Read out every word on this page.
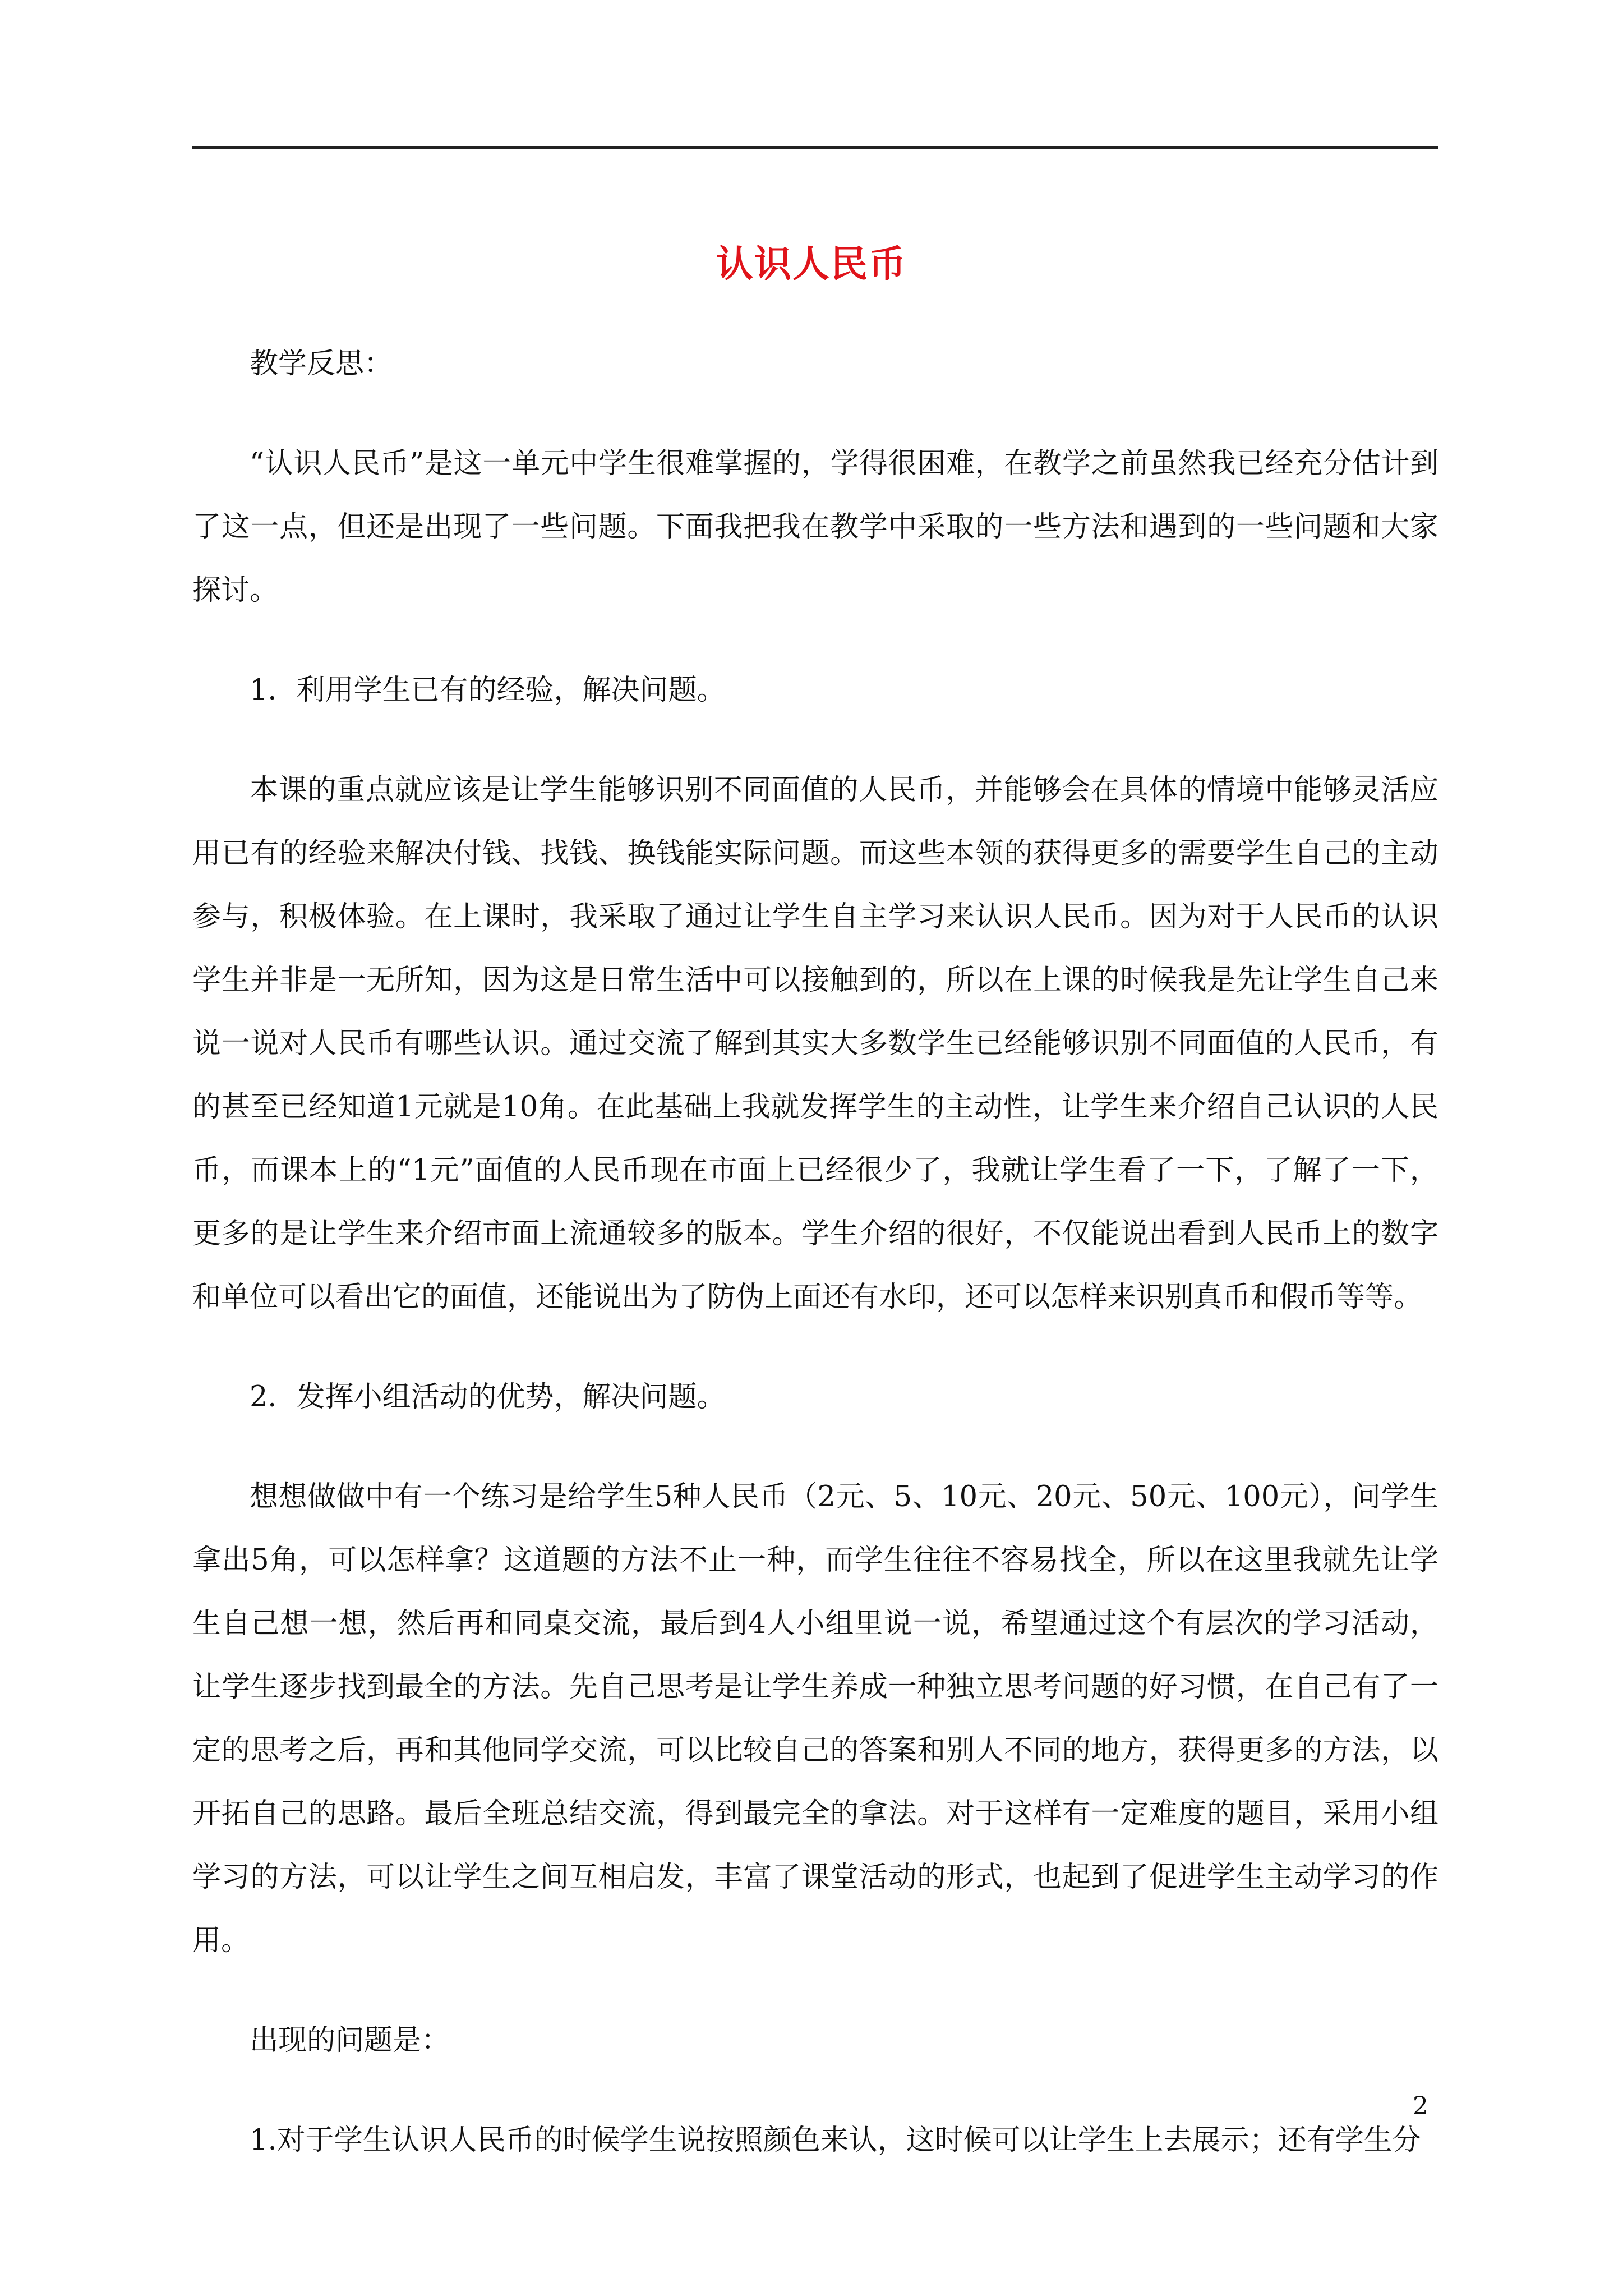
认识人民币

教学反思：

“认识人民币”是这一单元中学生很难掌握的，学得很困难，在教学之前虽然我已经充分估计到了这一点，但还是出现了一些问题。下面我把我在教学中采取的一些方法和遇到的一些问题和大家探讨。

1．利用学生已有的经验，解决问题。

本课的重点就应该是让学生能够识别不同面值的人民币，并能够会在具体的情境中能够灵活应用已有的经验来解决付钱、找钱、换钱能实际问题。而这些本领的获得更多的需要学生自己的主动参与，积极体验。在上课时，我采取了通过让学生自主学习来认识人民币。因为对于人民币的认识学生并非是一无所知，因为这是日常生活中可以接触到的，所以在上课的时候我是先让学生自己来说一说对人民币有哪些认识。通过交流了解到其实大多数学生已经能够识别不同面值的人民币，有的甚至已经知道1元就是10角。在此基础上我就发挥学生的主动性，让学生来介绍自己认识的人民币，而课本上的“1元”面值的人民币现在市面上已经很少了，我就让学生看了一下，了解了一下，更多的是让学生来介绍市面上流通较多的版本。学生介绍的很好，不仅能说出看到人民币上的数字和单位可以看出它的面值，还能说出为了防伪上面还有水印，还可以怎样来识别真币和假币等等。

2．发挥小组活动的优势，解决问题。

想想做做中有一个练习是给学生5种人民币（2元、5、10元、20元、50元、100元），问学生拿出5角，可以怎样拿？这道题的方法不止一种，而学生往往不容易找全，所以在这里我就先让学生自己想一想，然后再和同桌交流，最后到4人小组里说一说，希望通过这个有层次的学习活动，让学生逐步找到最全的方法。先自己思考是让学生养成一种独立思考问题的好习惯，在自己有了一定的思考之后，再和其他同学交流，可以比较自己的答案和别人不同的地方，获得更多的方法，以开拓自己的思路。最后全班总结交流，得到最完全的拿法。对于这样有一定难度的题目，采用小组学习的方法，可以让学生之间互相启发，丰富了课堂活动的形式，也起到了促进学生主动学习的作用。

出现的问题是：

1.对于学生认识人民币的时候学生说按照颜色来认，这时候可以让学生上去展示；还有学生分

2
